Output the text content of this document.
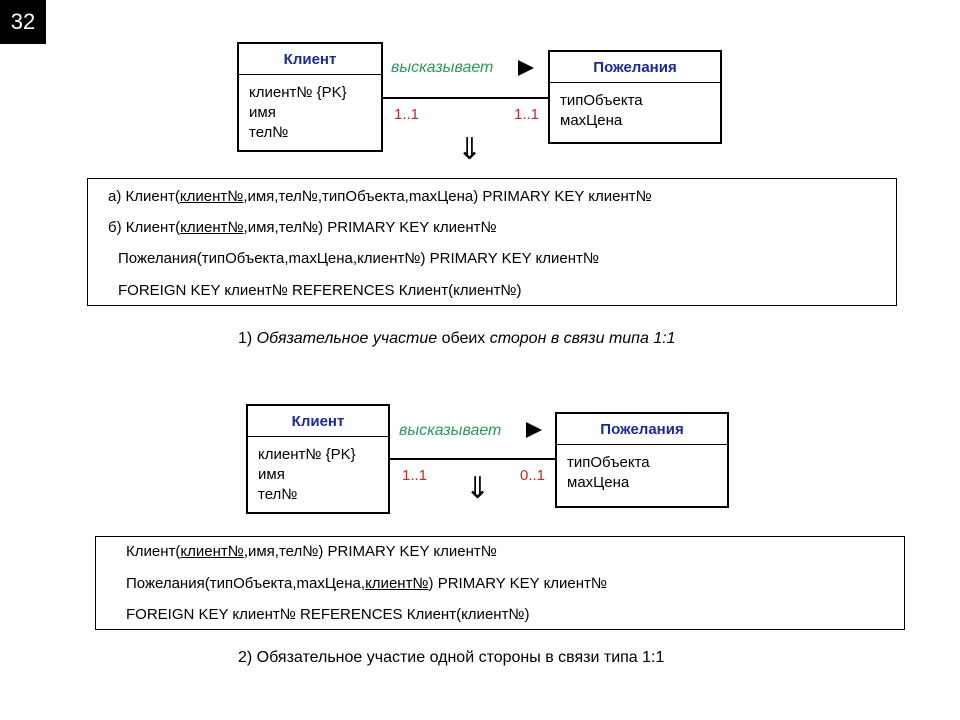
32
Клиент
клиент№ {PK}
имя
тел№
высказывает
1..1	1..1
Пожелания
типОбъекта
махЦена
⇓
а) Клиент(клиент№,имя,тел№,типОбъекта,maxЦена) PRIMARY KEY клиент№
б) Клиент(клиент№,имя,тел№) PRIMARY KEY клиент№
Пожелания(типОбъекта,maxЦена,клиент№) PRIMARY KEY клиент№
FOREIGN KEY клиент№ REFERENCES Клиент(клиент№)
1) Обязательное участие обеих сторон в связи типа 1:1
Клиент
клиент№ {PK}
имя
тел№
высказывает
1..1	0..1
Пожелания
типОбъекта
махЦена
⇓
Клиент(клиент№,имя,тел№) PRIMARY KEY клиент№
Пожелания(типОбъекта,maxЦена,клиент№) PRIMARY KEY клиент№
FOREIGN KEY клиент№ REFERENCES Клиент(клиент№)
2) Обязательное участие одной стороны в связи типа 1:1
